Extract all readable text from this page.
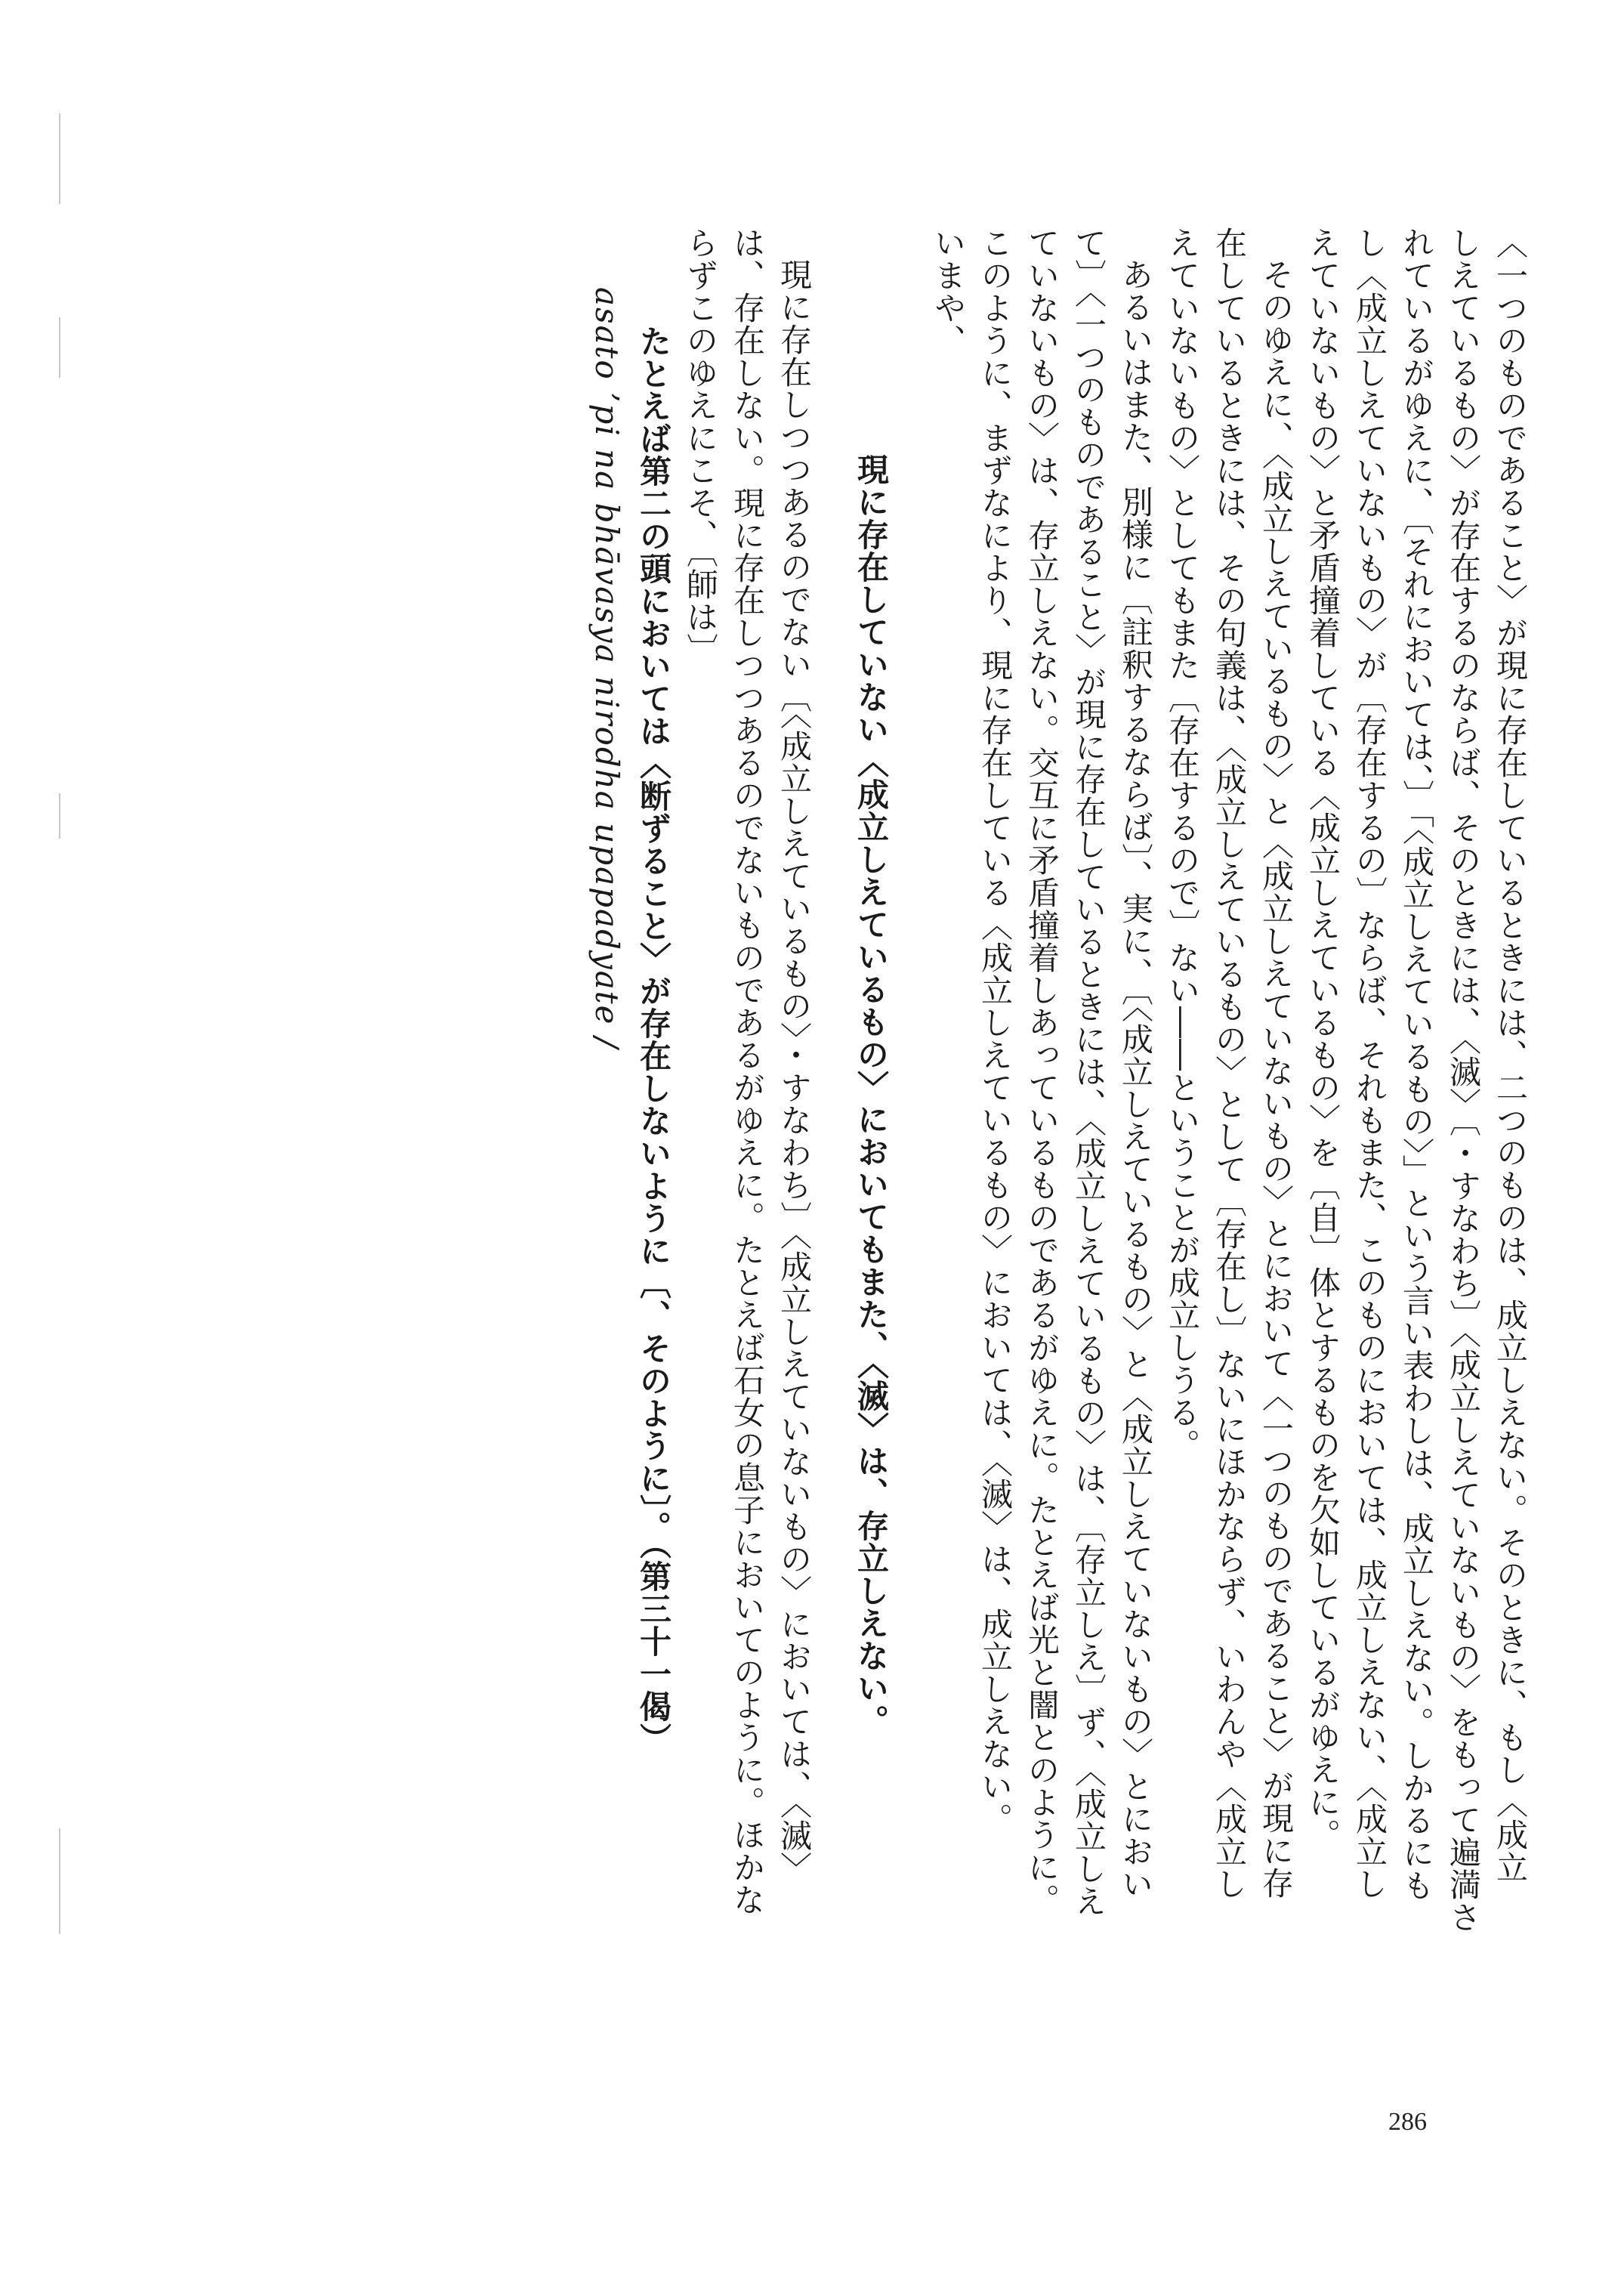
〈一つのものであること〉が現に存在しているときには、二つのものは、成立しえない。そのときに、もし〈成立
しえているもの〉が存在するのならば、そのときには、〈滅〉〔・すなわち〕〈成立しえていないもの〉をもって遍満さ
れているがゆえに、〔それにおいては、〕「〈成立しえているもの〉」という言い表わしは、成立しえない。しかるにも
し〈成立しえていないもの〉が〔存在するの〕ならば、それもまた、このものにおいては、成立しえない、〈成立し
えていないもの〉と矛盾撞着している〈成立しえているもの〉を〔自〕体とするものを欠如しているがゆえに。
そのゆえに、〈成立しえているもの〉と〈成立しえていないもの〉とにおいて〈一つのものであること〉が現に存
在しているときには、その句義は、〈成立しえているもの〉として〔存在し〕ないにほかならず、いわんや〈成立し
えていないもの〉としてもまた〔存在するので〕ない――ということが成立しうる。
あるいはまた、別様に〔註釈するならば〕、実に、〔〈成立しえているもの〉と〈成立しえていないもの〉とにおい
て〕〈一つのものであること〉が現に存在しているときには、〈成立しえているもの〉は、〔存立しえ〕ず、〈成立しえ
ていないもの〉は、存立しえない。交互に矛盾撞着しあっているものであるがゆえに。たとえば光と闇とのように。
このように、まずなにより、現に存在している〈成立しえているもの〉においては、〈滅〉は、成立しえない。
いまや、
現に存在していない〈成立しえているもの〉においてもまた、〈滅〉は、存立しえない。
現に存在しつつあるのでない〔〈成立しえているもの〉・すなわち〕〈成立しえていないもの〉においては、〈滅〉
は、存在しない。現に存在しつつあるのでないものであるがゆえに。たとえば石女の息子においてのように。ほかな
らずこのゆえにこそ、〔師は〕
たとえば第二の頭においては〈断ずること〉が存在しないように〔、そのように〕。（第三十一偈）
asato ’pi na bhāvasya nirodha upapadyate /
286
